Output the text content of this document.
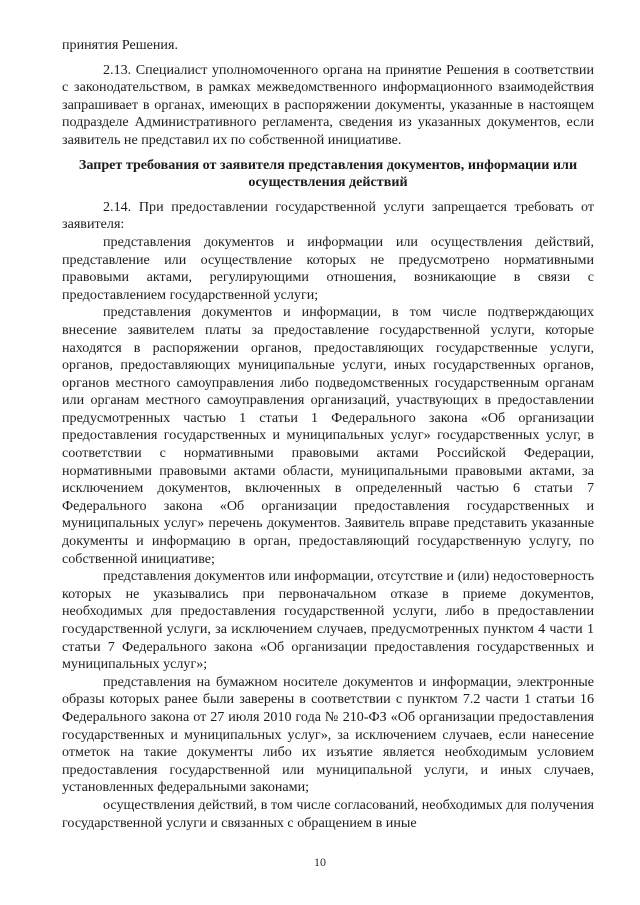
принятия Решения.

2.13. Специалист уполномоченного органа на принятие Решения в соответствии с законодательством, в рамках межведомственного информационного взаимодействия запрашивает в органах, имеющих в распоряжении документы, указанные в настоящем подразделе Административного регламента, сведения из указанных документов, если заявитель не представил их по собственной инициативе.

Запрет требования от заявителя представления документов, информации или осуществления действий

2.14. При предоставлении государственной услуги запрещается требовать от заявителя:

представления документов и информации или осуществления действий, представление или осуществление которых не предусмотрено нормативными правовыми актами, регулирующими отношения, возникающие в связи с предоставлением государственной услуги;

представления документов и информации, в том числе подтверждающих внесение заявителем платы за предоставление государственной услуги, которые находятся в распоряжении органов, предоставляющих государственные услуги, органов, предоставляющих муниципальные услуги, иных государственных органов, органов местного самоуправления либо подведомственных государственным органам или органам местного самоуправления организаций, участвующих в предоставлении предусмотренных частью 1 статьи 1 Федерального закона «Об организации предоставления государственных и муниципальных услуг» государственных услуг, в соответствии с нормативными правовыми актами Российской Федерации, нормативными правовыми актами области, муниципальными правовыми актами, за исключением документов, включенных в определенный частью 6 статьи 7 Федерального закона «Об организации предоставления государственных и муниципальных услуг» перечень документов. Заявитель вправе представить указанные документы и информацию в орган, предоставляющий государственную услугу, по собственной инициативе;

представления документов или информации, отсутствие и (или) недостоверность которых не указывались при первоначальном отказе в приеме документов, необходимых для предоставления государственной услуги, либо в предоставлении государственной услуги, за исключением случаев, предусмотренных пунктом 4 части 1 статьи 7 Федерального закона «Об организации предоставления государственных и муниципальных услуг»;

представления на бумажном носителе документов и информации, электронные образы которых ранее были заверены в соответствии с пунктом 7.2 части 1 статьи 16 Федерального закона от 27 июля 2010 года № 210-ФЗ «Об организации предоставления государственных и муниципальных услуг», за исключением случаев, если нанесение отметок на такие документы либо их изъятие является необходимым условием предоставления государственной или муниципальной услуги, и иных случаев, установленных федеральными законами;

осуществления действий, в том числе согласований, необходимых для получения государственной услуги и связанных с обращением в иные

10
